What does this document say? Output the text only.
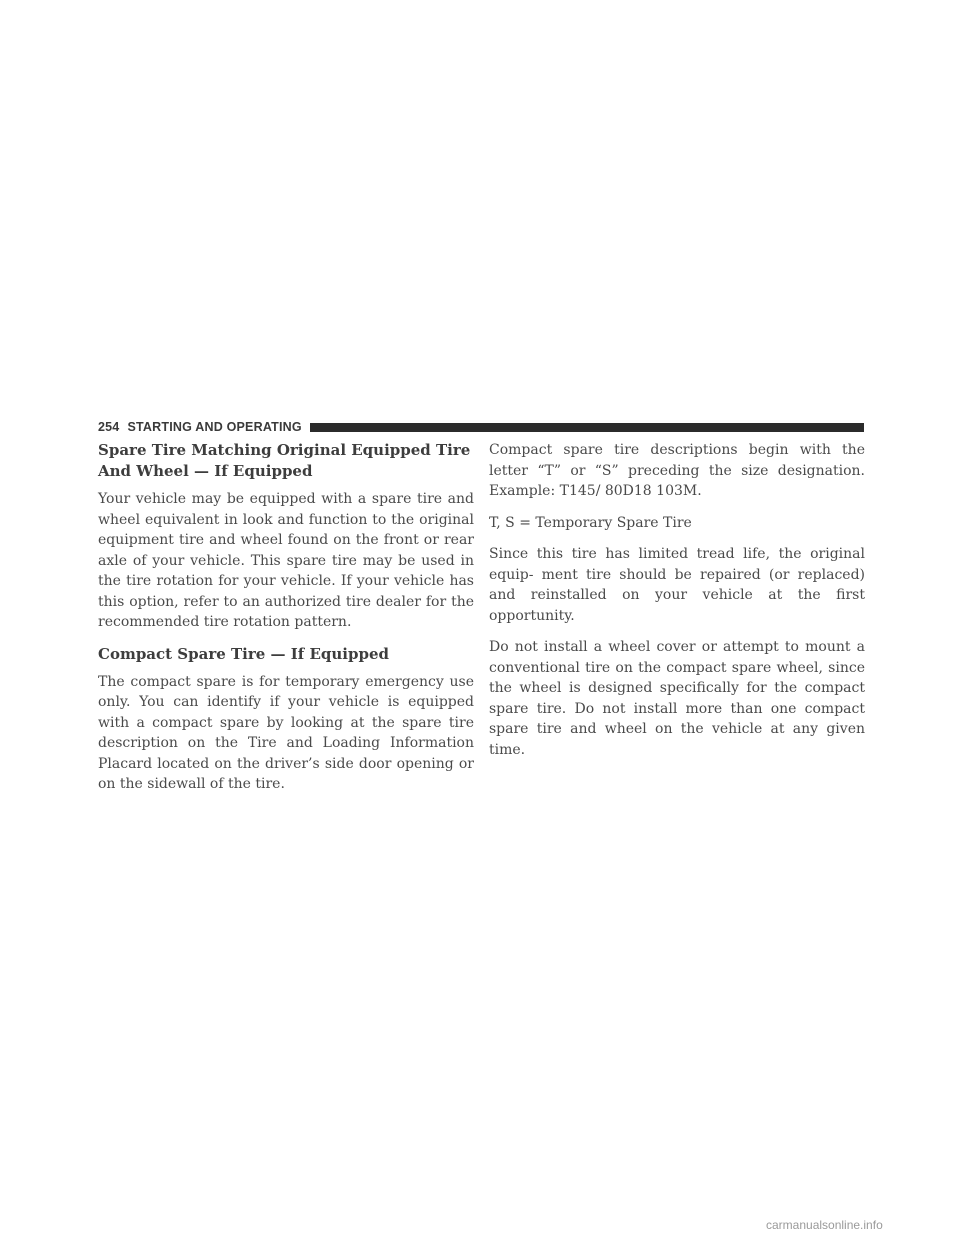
254 STARTING AND OPERATING
Spare Tire Matching Original Equipped Tire And Wheel — If Equipped

Your vehicle may be equipped with a spare tire and wheel equivalent in look and function to the original equipment tire and wheel found on the front or rear axle of your vehicle. This spare tire may be used in the tire rotation for your vehicle. If your vehicle has this option, refer to an authorized tire dealer for the recommended tire rotation pattern.

Compact Spare Tire — If Equipped

The compact spare is for temporary emergency use only. You can identify if your vehicle is equipped with a compact spare by looking at the spare tire description on the Tire and Loading Information Placard located on the driver’s side door opening or on the sidewall of the tire.

Compact spare tire descriptions begin with the letter “T” or “S” preceding the size designation. Example: T145/ 80D18 103M.

T, S = Temporary Spare Tire

Since this tire has limited tread life, the original equip- ment tire should be repaired (or replaced) and reinstalled on your vehicle at the first opportunity.

Do not install a wheel cover or attempt to mount a conventional tire on the compact spare wheel, since the wheel is designed specifically for the compact spare tire. Do not install more than one compact spare tire and wheel on the vehicle at any given time.

carmanualsonline.info
